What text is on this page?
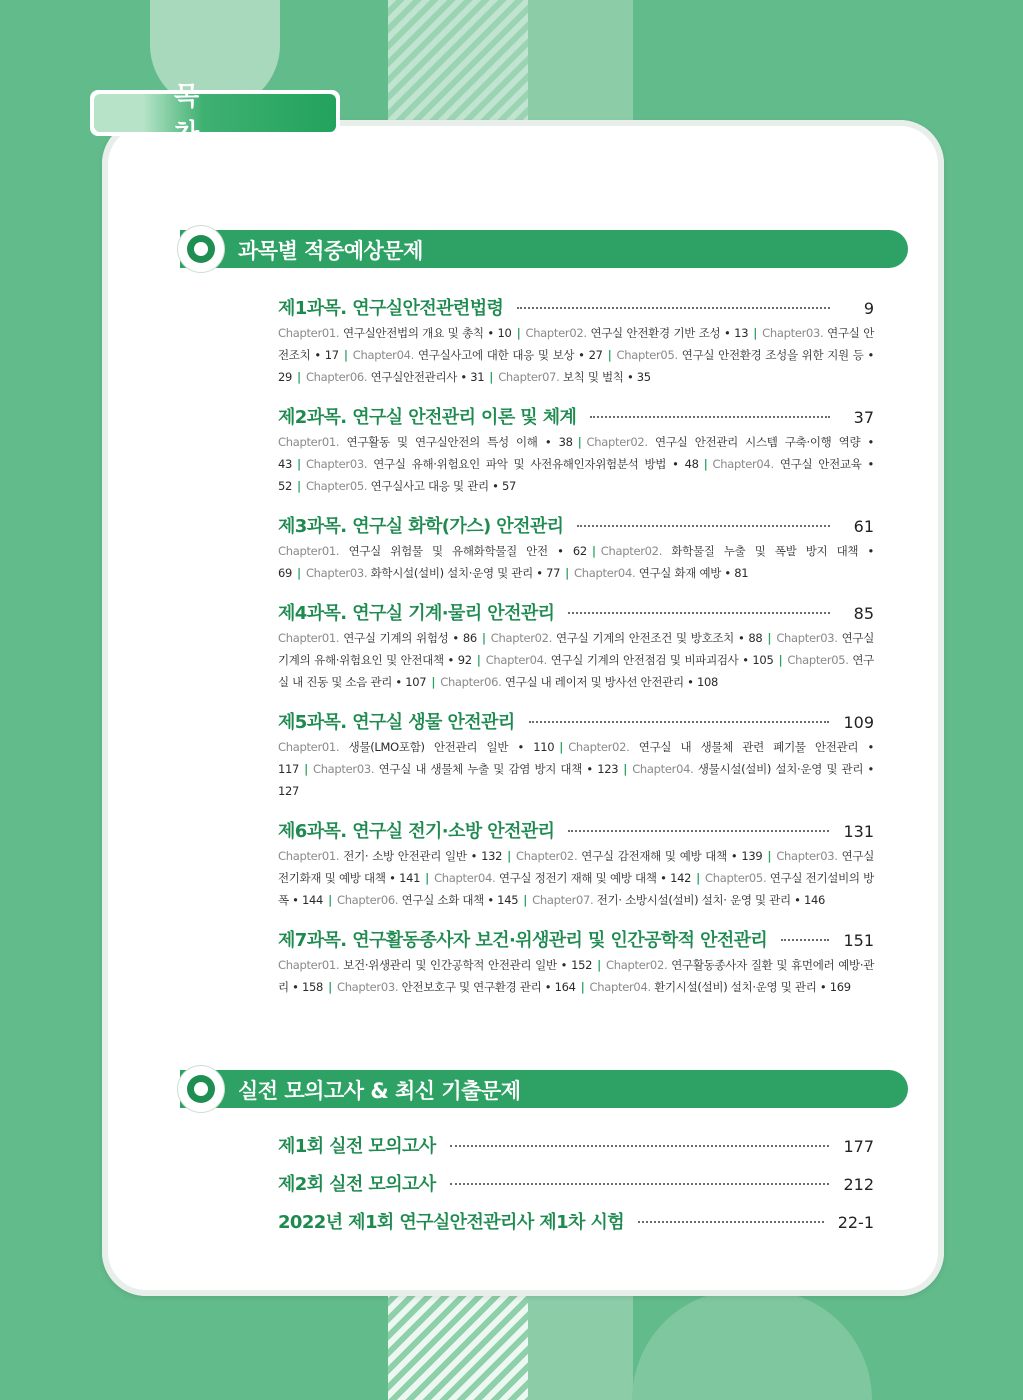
목 차
과목별 적중예상문제
제1과목. 연구실안전관련법령	9
Chapter01. 연구실안전법의 개요 및 총칙 • 10 | Chapter02. 연구실 안전환경 기반 조성 • 13 | Chapter03. 연구실 안전조치 • 17 | Chapter04. 연구실사고에 대한 대응 및 보상 • 27 | Chapter05. 연구실 안전환경 조성을 위한 지원 등 • 29 | Chapter06. 연구실안전관리사 • 31 | Chapter07. 보칙 및 벌칙 • 35
제2과목. 연구실 안전관리 이론 및 체계	37
Chapter01. 연구활동 및 연구실안전의 특성 이해 • 38 | Chapter02. 연구실 안전관리 시스템 구축·이행 역량 • 43 | Chapter03. 연구실 유해·위험요인 파악 및 사전유해인자위험분석 방법 • 48 | Chapter04. 연구실 안전교육 • 52 | Chapter05. 연구실사고 대응 및 관리 • 57
제3과목. 연구실 화학(가스) 안전관리	61
Chapter01. 연구실 위험물 및 유해화학물질 안전 • 62 | Chapter02. 화학물질 누출 및 폭발 방지 대책 • 69 | Chapter03. 화학시설(설비) 설치·운영 및 관리 • 77 | Chapter04. 연구실 화재 예방 • 81
제4과목. 연구실 기계·물리 안전관리	85
Chapter01. 연구실 기계의 위험성 • 86 | Chapter02. 연구실 기계의 안전조건 및 방호조치 • 88 | Chapter03. 연구실 기계의 유해·위험요인 및 안전대책 • 92 | Chapter04. 연구실 기계의 안전점검 및 비파괴검사 • 105 | Chapter05. 연구실 내 진동 및 소음 관리 • 107 | Chapter06. 연구실 내 레이저 및 방사선 안전관리 • 108
제5과목. 연구실 생물 안전관리	109
Chapter01. 생물(LMO포함) 안전관리 일반 • 110 | Chapter02. 연구실 내 생물체 관련 폐기물 안전관리 • 117 | Chapter03. 연구실 내 생물체 누출 및 감염 방지 대책 • 123 | Chapter04. 생물시설(설비) 설치·운영 및 관리 • 127
제6과목. 연구실 전기·소방 안전관리	131
Chapter01. 전기· 소방 안전관리 일반 • 132 | Chapter02. 연구실 감전재해 및 예방 대책 • 139 | Chapter03. 연구실 전기화재 및 예방 대책 • 141 | Chapter04. 연구실 정전기 재해 및 예방 대책 • 142 | Chapter05. 연구실 전기설비의 방폭 • 144 | Chapter06. 연구실 소화 대책 • 145 | Chapter07. 전기· 소방시설(설비) 설치· 운영 및 관리 • 146
제7과목. 연구활동종사자 보건·위생관리 및 인간공학적 안전관리	151
Chapter01. 보건·위생관리 및 인간공학적 안전관리 일반 • 152 | Chapter02. 연구활동종사자 질환 및 휴먼에러 예방·관리 • 158 | Chapter03. 안전보호구 및 연구환경 관리 • 164 | Chapter04. 환기시설(설비) 설치·운영 및 관리 • 169
실전 모의고사 & 최신 기출문제
제1회 실전 모의고사	177
제2회 실전 모의고사	212
2022년 제1회 연구실안전관리사 제1차 시험	22-1
